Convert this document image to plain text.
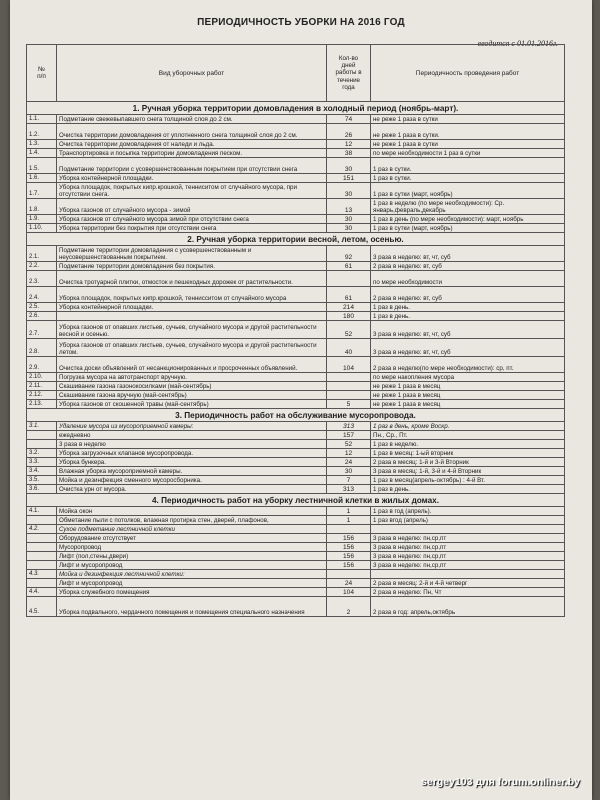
ПЕРИОДИЧНОСТЬ УБОРКИ НА 2016 ГОД
вводится с 01.01.2016г.
№
п/п	Вид уборочных работ	Кол-во
дней
работы в
течение
года	Периодичность проведения работ
1. Ручная уборка территории домовладения в холодный период (ноябрь-март).			
1.1.	Подметание свежевыпавшего снега толщиной слоя до 2 см.	74	не реже 1 раза в сутки
1.2.	Очистка территории домовладения от уплотненного снега толщиной слоя до 2 см.	26	не реже 1 раза в сутки.
1.3.	Очистка территории домовладения от наледи и льда.	12	не реже 1 раза в сутки
1.4.	Транспортировка и посыпка территории домовладения песком.	38	по мере необходимости 1 раз в сутки
1.5.	Подметание территории с усовершенствованным покрытием при отсутствии снега	30	1 раз в сутки.
1.6.	Уборка контейнерной площадки.	151	1 раз в сутки.
1.7.	Уборка площадок, покрытых кипр.крошкой, тенниситом от случайного мусора, при отсутствии снега.	30	1 раз в сутки (март, ноябрь)
1.8.	Уборка газонов от случайного мусора - зимой	13	1 раз в неделю (по мере необходимости): Ср. январь,февраль,декабрь
1.9.	Уборка газонов от случайного мусора зимой при отсутствии снега	30	1 раз в день (по мере необходимости): март, ноябрь
1.10.	Уборка территории без покрытия при отсутствии снега	30	1 раз в сутки (март, ноябрь)
2. Ручная уборка территории весной, летом, осенью.			
2.1.	Подметание территории домовладения с усовершенствованным и неусовершенствованным покрытием.	92	3 раза в неделю: вт, чт, суб
2.2.	Подметание территории домовладения без покрытия.	61	2 раза в неделю: вт, суб
2.3.	Очистка тротуарной плитки, отмосток и пешеходных дорожек от растительности.		по мере необходимости
2.4.	Уборка площадок, покрытых кипр.крошкой, теннисситом от случайного мусора	61	2 раза в неделю: вт, суб
2.5.	Уборка контейнерной площадки.	214	1 раз в день.
2.6.		180	1 раз в день.
2.7.	Уборка газонов от опавших листьев, сучьев, случайного мусора и другой растительности весной и осенью.	52	3 раза в неделю: вт, чт, суб
2.8.	Уборка газонов от опавших листьев, сучьев, случайного мусора и другой растительности летом.	40	3 раза в неделю: вт, чт, суб
2.9.	Очистка доски объявлений от несанкционированных и просроченных объявлений.	104	2 раза в неделю(по мере необходимости): ср, пт.
2.10.	Погрузка мусора на автотранспорт вручную.		по мере накопления мусора
2.11.	Скашивание газона газонокосилками (май-сентябрь)		не реже 1 раза в месяц
2.12.	Скашивание газона вручную (май-сентябрь)		не реже 1 раза в месяц
2.13.	Уборка газонов от скошенной травы (май-сентябрь)	5	не реже 1 раза в месяц
3. Периодичность работ на обслуживание мусоропровода.			
3.1.	Удаление мусора из мусороприемной камеры:	313	1 раз в день, кроме Воскр.
	ежедневно	157	Пн., Ср., Пт.
	3 раза в неделю	52	1 раз в неделю.
3.2.	Уборка загрузочных клапанов мусоропровода.	12	1 раз в месяц: 1-ый вторник
3.3.	Уборка бункера.	24	2 раза в месяц: 1-й и 3-й Вторник
3.4.	Влажная уборка мусороприемной камеры.	30	3 раза в месяц: 1-й, 3-й и 4-й Вторник
3.5.	Мойка и дезинфекция сменного мусоросборника.	7	1 раз в месяц(апрель-октябрь) : 4-й Вт.
3.6.	Очистка урн от мусора.	313	1 раз в день.
4. Периодичность работ на уборку лестничной клетки в жилых домах.			
4.1.	Мойка окон	1	1 раз в год (апрель).
	Обметание пыли с потолков, влажная протирка стен, дверей, плафонов,	1	1 раз вгод (апрель)
4.2.	Сухое подметание лестничной клетки		
	Оборудование отсутствует	156	3 раза в неделю: пн,ср,пт
	Мусоропровод	156	3 раза в неделю: пн,ср,пт
	Лифт (пол,стены,двери)	156	3 раза в неделю: пн,ср,пт
	Лифт и мусоропровод	156	3 раза в неделю: пн,ср,пт
4.3.	Мойка и дезинфекция лестничной клетки:		
	Лифт и мусоропровод	24	2 раза в месяц: 2-й и 4-й четверг
4.4.	Уборка служебного помещения	104	2 раза в неделю: Пн, Чт
4.5.	Уборка подвального, чердачного помещения и помещения специального назначения	2	2 раза в год: апрель,октябрь
sergey103 для forum.onliner.by
